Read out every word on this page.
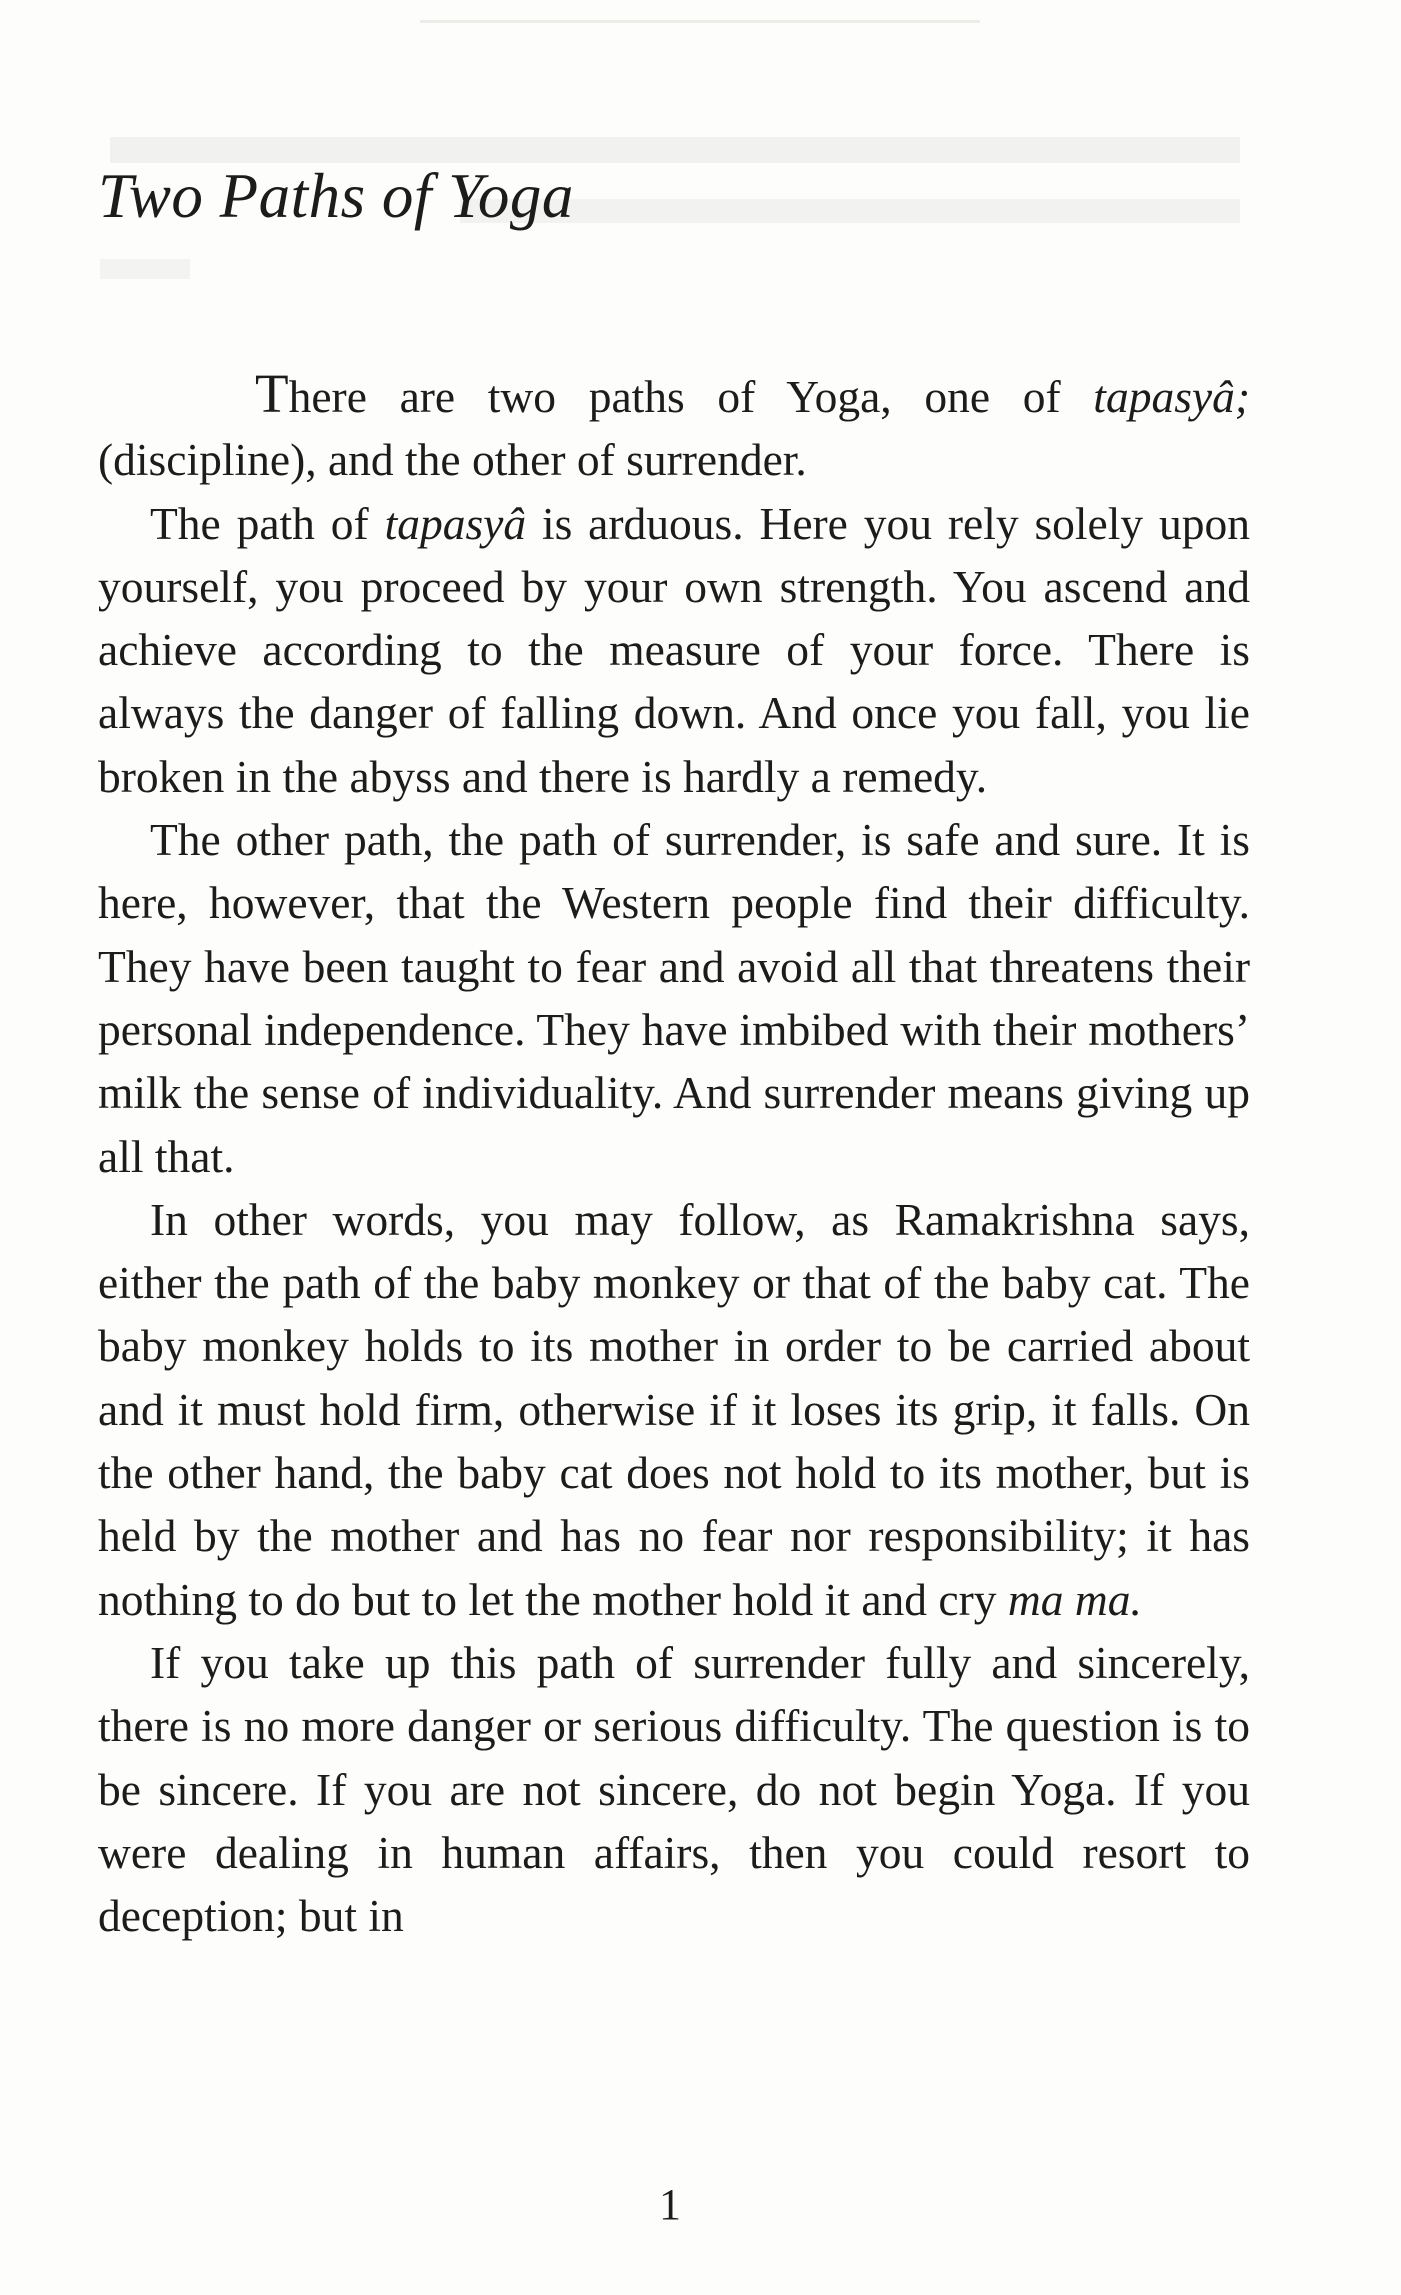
Two Paths of Yoga

There are two paths of Yoga, one of tapasyâ; (discipline), and the other of surrender.

The path of tapasyâ is arduous. Here you rely solely upon yourself, you proceed by your own strength. You ascend and achieve according to the measure of your force. There is always the danger of falling down. And once you fall, you lie broken in the abyss and there is hardly a remedy.

The other path, the path of surrender, is safe and sure. It is here, however, that the Western people find their difficulty. They have been taught to fear and avoid all that threatens their personal independence. They have imbibed with their mothers’ milk the sense of individuality. And surrender means giving up all that.

In other words, you may follow, as Ramakrishna says, either the path of the baby monkey or that of the baby cat. The baby monkey holds to its mother in order to be carried about and it must hold firm, otherwise if it loses its grip, it falls. On the other hand, the baby cat does not hold to its mother, but is held by the mother and has no fear nor responsibility; it has nothing to do but to let the mother hold it and cry ma ma.

If you take up this path of surrender fully and sincerely, there is no more danger or serious difficulty. The question is to be sincere. If you are not sincere, do not begin Yoga. If you were dealing in human affairs, then you could resort to deception; but in

1
